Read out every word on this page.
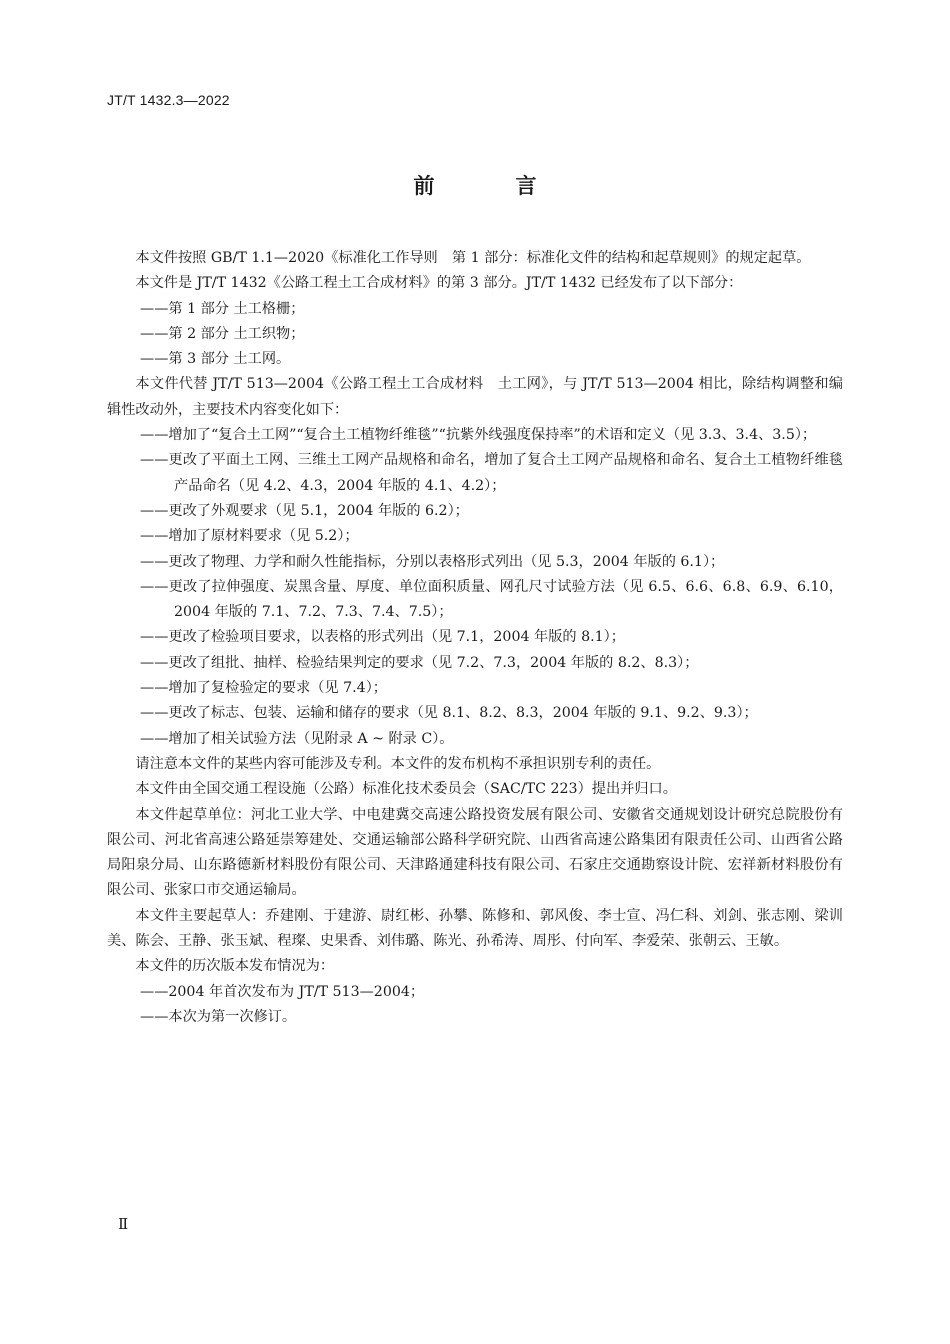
JT/T 1432.3—2022
前　言

本文件按照 GB/T 1.1—2020《标准化工作导则　第 1 部分：标准化文件的结构和起草规则》的规定起草。

本文件是 JT/T 1432《公路工程土工合成材料》的第 3 部分。JT/T 1432 已经发布了以下部分：

——第 1 部分 土工格栅；

——第 2 部分 土工织物；

——第 3 部分 土工网。

本文件代替 JT/T 513—2004《公路工程土工合成材料　土工网》，与 JT/T 513—2004 相比，除结构调整和编辑性改动外，主要技术内容变化如下：

——增加了“复合土工网”“复合土工植物纤维毯”“抗紫外线强度保持率”的术语和定义（见 3.3、3.4、3.5）；

——更改了平面土工网、三维土工网产品规格和命名，增加了复合土工网产品规格和命名、复合土工植物纤维毯产品命名（见 4.2、4.3，2004 年版的 4.1、4.2）；

——更改了外观要求（见 5.1，2004 年版的 6.2）；

——增加了原材料要求（见 5.2）；

——更改了物理、力学和耐久性能指标，分别以表格形式列出（见 5.3，2004 年版的 6.1）；

——更改了拉伸强度、炭黑含量、厚度、单位面积质量、网孔尺寸试验方法（见 6.5、6.6、6.8、6.9、6.10，2004 年版的 7.1、7.2、7.3、7.4、7.5）；

——更改了检验项目要求，以表格的形式列出（见 7.1，2004 年版的 8.1）；

——更改了组批、抽样、检验结果判定的要求（见 7.2、7.3，2004 年版的 8.2、8.3）；

——增加了复检验定的要求（见 7.4）；

——更改了标志、包装、运输和储存的要求（见 8.1、8.2、8.3，2004 年版的 9.1、9.2、9.3）；

——增加了相关试验方法（见附录 A ~ 附录 C）。

请注意本文件的某些内容可能涉及专利。本文件的发布机构不承担识别专利的责任。

本文件由全国交通工程设施（公路）标准化技术委员会（SAC/TC 223）提出并归口。

本文件起草单位：河北工业大学、中电建冀交高速公路投资发展有限公司、安徽省交通规划设计研究总院股份有限公司、河北省高速公路延崇筹建处、交通运输部公路科学研究院、山西省高速公路集团有限责任公司、山西省公路局阳泉分局、山东路德新材料股份有限公司、天津路通建科技有限公司、石家庄交通勘察设计院、宏祥新材料股份有限公司、张家口市交通运输局。

本文件主要起草人：乔建刚、于建游、尉红彬、孙攀、陈修和、郭风俊、李士宣、冯仁科、刘剑、张志刚、梁训美、陈会、王静、张玉斌、程璨、史果香、刘伟璐、陈光、孙希涛、周彤、付向军、李爱荣、张朝云、王敏。

本文件的历次版本发布情况为：

——2004 年首次发布为 JT/T 513—2004；

——本次为第一次修订。

Ⅱ
